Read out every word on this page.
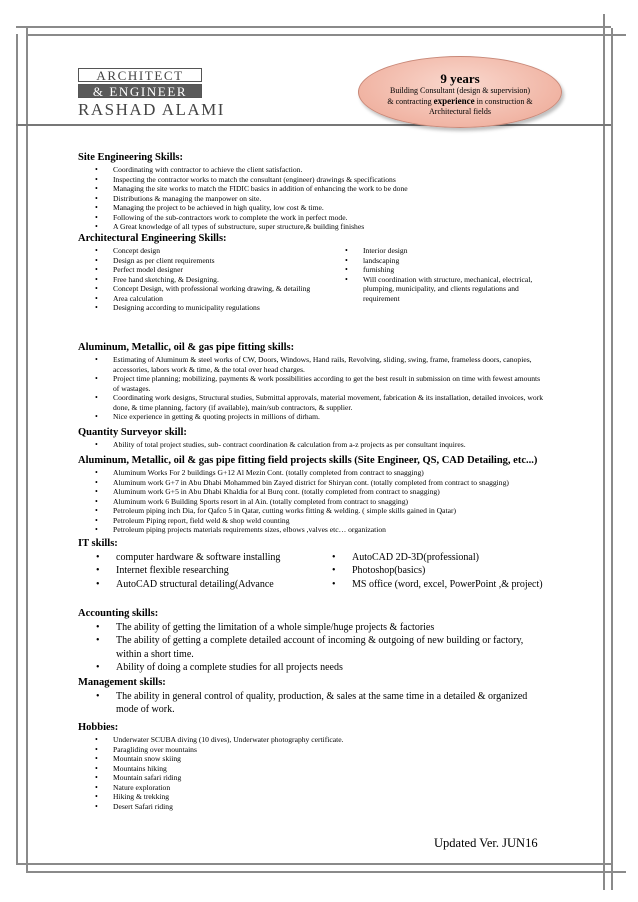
ARCHITECT
& ENGINEER
RASHAD ALAMI
9 years
Building Consultant (design & supervision)
& contracting experience in construction &
Architectural fields
Site Engineering Skills:
• Coordinating with contractor to achieve the client satisfaction.
• Inspecting the contractor works to match the consultant (engineer) drawings & specifications
• Managing the site works to match the FIDIC basics in addition of enhancing the work to be done
• Distributions & managing the manpower on site.
• Managing the project to be achieved in high quality, low cost & time.
• Following of the sub-contractors work to complete the work in perfect mode.
• A Great knowledge of all types of substructure, super structure,& building finishes
Architectural Engineering Skills:
• Concept design
• Design as per client requirements
• Perfect model designer
• Free hand sketching, & Designing.
• Concept Design, with professional working drawing, & detailing
• Area calculation
• Designing according to municipality regulations
• Interior design
• landscaping
• furnishing
• Will coordination with structure, mechanical, electrical, plumping, municipality, and clients regulations and requirement
Aluminum, Metallic, oil & gas pipe fitting skills:
• Estimating of Aluminum & steel works of CW, Doors, Windows, Hand rails, Revolving, sliding, swing, frame, frameless doors, canopies, accessories, labors work & time, & the total over head charges.
• Project time planning; mobilizing, payments & work possibilities according to get the best result in submission on time with fewest amounts of wastages.
• Coordinating work designs, Structural studies, Submittal approvals, material movement, fabrication & its installation, detailed invoices, work done, & time planning, factory (if available), main/sub contractors, & supplier.
• Nice experience in getting & quoting projects in millions of dirham.
Quantity Surveyor skill:
• Ability of total project studies, sub- contract coordination & calculation from a-z projects as per consultant inquires.
Aluminum, Metallic, oil & gas pipe fitting field projects skills (Site Engineer, QS, CAD Detailing, etc...)
• Aluminum Works For 2 buildings G+12 Al Mezin Cont. (totally completed from contract to snagging)
• Aluminum work G+7 in Abu Dhabi Mohammed bin Zayed district for Shiryan cont. (totally completed from contract to snagging)
• Aluminum work G+5 in Abu Dhabi Khaldia for al Burq cont. (totally completed from contract to snagging)
• Aluminum work 6 Building Sports resort in al Ain. (totally completed from contract to snagging)
• Petroleum piping inch Dia, for Qafco 5 in Qatar, cutting works fitting & welding. ( simple skills gained in Qatar)
• Petroleum Piping report, field weld & shop weld counting
• Petroleum piping projects materials requirements sizes, elbows ,valves etc… organization
IT skills:
• computer hardware & software installing
• Internet flexible researching
• AutoCAD structural detailing(Advance
• AutoCAD 2D-3D(professional)
• Photoshop(basics)
• MS office (word, excel, PowerPoint ,& project)
Accounting skills:
• The ability of getting the limitation of a whole simple/huge projects & factories
• The ability of getting a complete detailed account of incoming & outgoing of new building or factory, within a short time.
• Ability of doing a complete studies for all projects needs
Management skills:
• The ability in general control of quality, production, & sales at the same time in a detailed & organized mode of work.
Hobbies:
• Underwater SCUBA diving (10 dives), Underwater photography certificate.
• Paragliding over mountains
• Mountain snow skiing
• Mountains hiking
• Mountain safari riding
• Nature exploration
• Hiking & trekking
• Desert Safari riding
Updated Ver. JUN16
